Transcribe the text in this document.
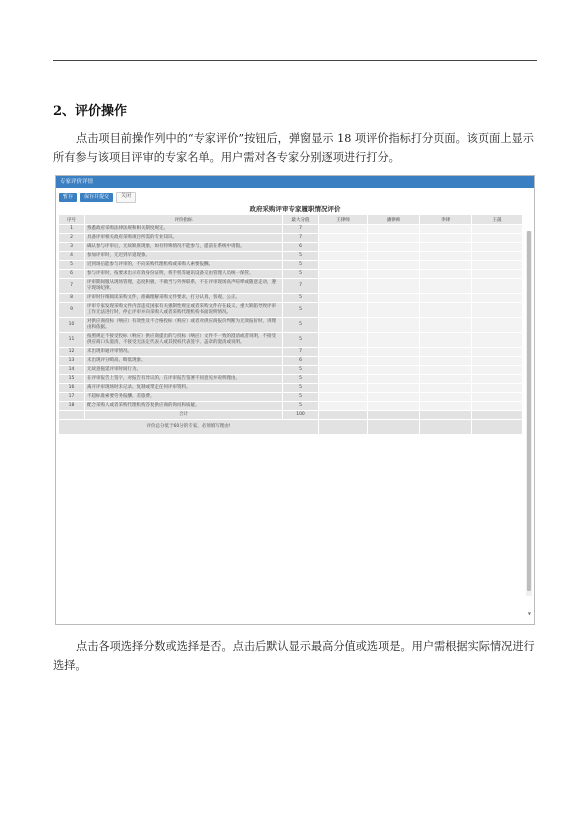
2、评价操作

点击项目前操作列中的“专家评价”按钮后，弹窗显示 18 项评价指标打分页面。该页面上显示所有参与该项目评审的专家名单。用户需对各专家分别逐项进行打分。

专家评价详情
暂存	保存并提交	关闭
政府采购评审专家履职情况评价
序号	评价指标	最大分值	王律师	潘律师	李律	王晟
1	熟悉政府采购法律法规和相关制度规定。	7				
2	具备评审相关政府采购项目所需的专业知识。	7				
3	确认参与评审后，无故缺席现象，如有特殊情况不能参与，提前在系统中请假。	6				
4	参加评审时，无迟到早退现象。	5				
5	近到场后能参与评审的，不向采购代理机构或采购人索要报酬。	5				
6	参与评审时，按要求出示有效身份证明，将手机等通讯设备交由管理人员统一保管。	5				
7	评审期间服从现场管理，态度积极，不做当与外界联系，不在评审现场高声喧哗或随意走动，遵守现场纪律。	7				
8	评审时仔细阅读采购文件，准确理解采购文件要求，打分认真，客观、公正。	5				
9	评审专家发现采购文件内容违反国家有关强制性规定或者采购文件存在歧义、重大缺陷导致评审工作无法进行时，停止评审并向采购人或者采购代理机构书面说明情况。	5				
10	对供应商投标（响应）有效性及不合格投标（响应）或者对供应商报价判断为无效报价时，讲理由和依据。	5				
11	按照规定不接受投标（响应）供应商提出的与投标（响应）文件不一致的澄清或者说明，不接受供应商口头澄清，不接受无法定代表人或其授权代表签字、盖章的澄清或说明。	5				
12	未出现串通评审情况。	7				
13	未出现评分畸高、畸低现象。	6				
14	无故意拖延评审时间行为。	5				
15	在评审报告上签字，对报告有异议的，在评审报告签署不同意见并说明理由。	5				
16	离开评审现场时未记录、复制或带走任何评审资料。	5				
17	不超标准索要劳务报酬、差旅费。	5				
18	配合采购人或者采购代理机构答复供应商的询问和质疑。	5				
	合计	100				
评价总分低于60分的专家，必须填写理由!						
▼

点击各项选择分数或选择是否。点击后默认显示最高分值或选项是。用户需根据实际情况进行选择。
